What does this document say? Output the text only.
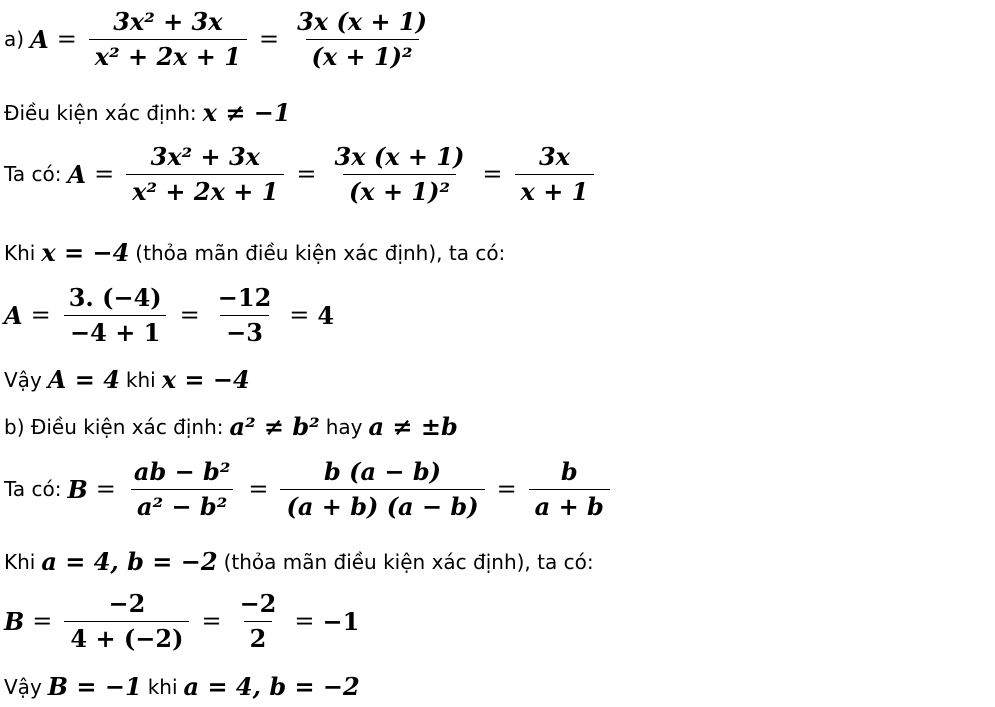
a) $A = \frac{\text{3x² + 3x}}{\text{x² + 2x + 1}} = \frac{3x (x + 1)}{\text{(x + 1)²}}$
Điều kiện xác định: x ≠ −1
Ta có: $A = \frac{\text{3x² + 3x}}{\text{x² + 2x + 1}} = \frac{3x (x + 1)}{\text{(x + 1)²}} = \frac{3x}{x + 1}$
Khi x = −4 (thỏa mãn điều kiện xác định), ta có:
$A = \frac{3. (-4)}{-4 + 1} = \frac{-12}{-3} = 4$
Vậy A = 4 khi x = −4
b) Điều kiện xác định: a² ≠ b² hay a ≠ ±b
Ta có: $B = \frac{\text{ab − b²}}{\text{a² − b²}} = \frac{b (a - b)}{(a + b) (a - b)} = \frac{b}{a + b}$
Khi a = 4, b = −2 (thỏa mãn điều kiện xác định), ta có:
$B = \frac{-2}{4 + (-2)} = \frac{-2}{2} = -1$
Vậy B = −1 khi a = 4, b = −2
